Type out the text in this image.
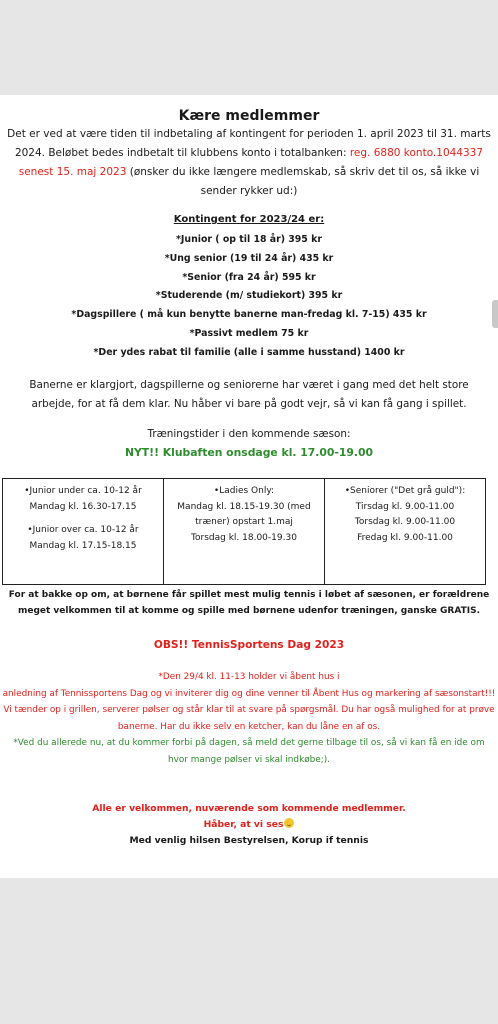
Kære medlemmer
Det er ved at være tiden til indbetaling af kontingent for perioden 1. april 2023 til 31. marts 2024. Beløbet bedes indbetalt til klubbens konto i totalbanken: reg. 6880 konto.1044337 senest 15. maj 2023 (ønsker du ikke længere medlemskab, så skriv det til os, så ikke vi sender rykker ud:)
Kontingent for 2023/24 er:
*Junior ( op til 18 år) 395 kr
*Ung senior (19 til 24 år) 435 kr
*Senior (fra 24 år) 595 kr
*Studerende (m/ studiekort) 395 kr
*Dagspillere ( må kun benytte banerne man-fredag kl. 7-15) 435 kr
*Passivt medlem 75 kr
*Der ydes rabat til familie (alle i samme husstand) 1400 kr
Banerne er klargjort, dagspillerne og seniorerne har været i gang med det helt store arbejde, for at få dem klar. Nu håber vi bare på godt vejr, så vi kan få gang i spillet.
Træningstider i den kommende sæson:
NYT!! Klubaften onsdage kl. 17.00-19.00
•Junior under ca. 10-12 år
Mandag kl. 16.30-17.15
•Junior over ca. 10-12 år
Mandag kl. 17.15-18.15

•Ladies Only:
Mandag kl. 18.15-19.30 (med
træner) opstart 1.maj
Torsdag kl. 18.00-19.30

•Seniorer ("Det grå guld"):
Tirsdag kl. 9.00-11.00
Torsdag kl. 9.00-11.00
Fredag kl. 9.00-11.00
For at bakke op om, at børnene får spillet mest mulig tennis i løbet af sæsonen, er forældrene meget velkommen til at komme og spille med børnene udenfor træningen, ganske GRATIS.
OBS!! TennisSportens Dag 2023
*Den 29/4 kl. 11-13 holder vi åbent hus i
anledning af Tennissportens Dag og vi inviterer dig og dine venner til Åbent Hus og markering af sæsonstart!!!
Vi tænder op i grillen, serverer pølser og står klar til at svare på spørgsmål. Du har også mulighed for at prøve banerne. Har du ikke selv en ketcher, kan du låne en af os.
*Ved du allerede nu, at du kommer forbi på dagen, så meld det gerne tilbage til os, så vi kan få en ide om hvor mange pølser vi skal indkøbe;).
Alle er velkommen, nuværende som kommende medlemmer.
Håber, at vi ses
Med venlig hilsen Bestyrelsen, Korup if tennis
